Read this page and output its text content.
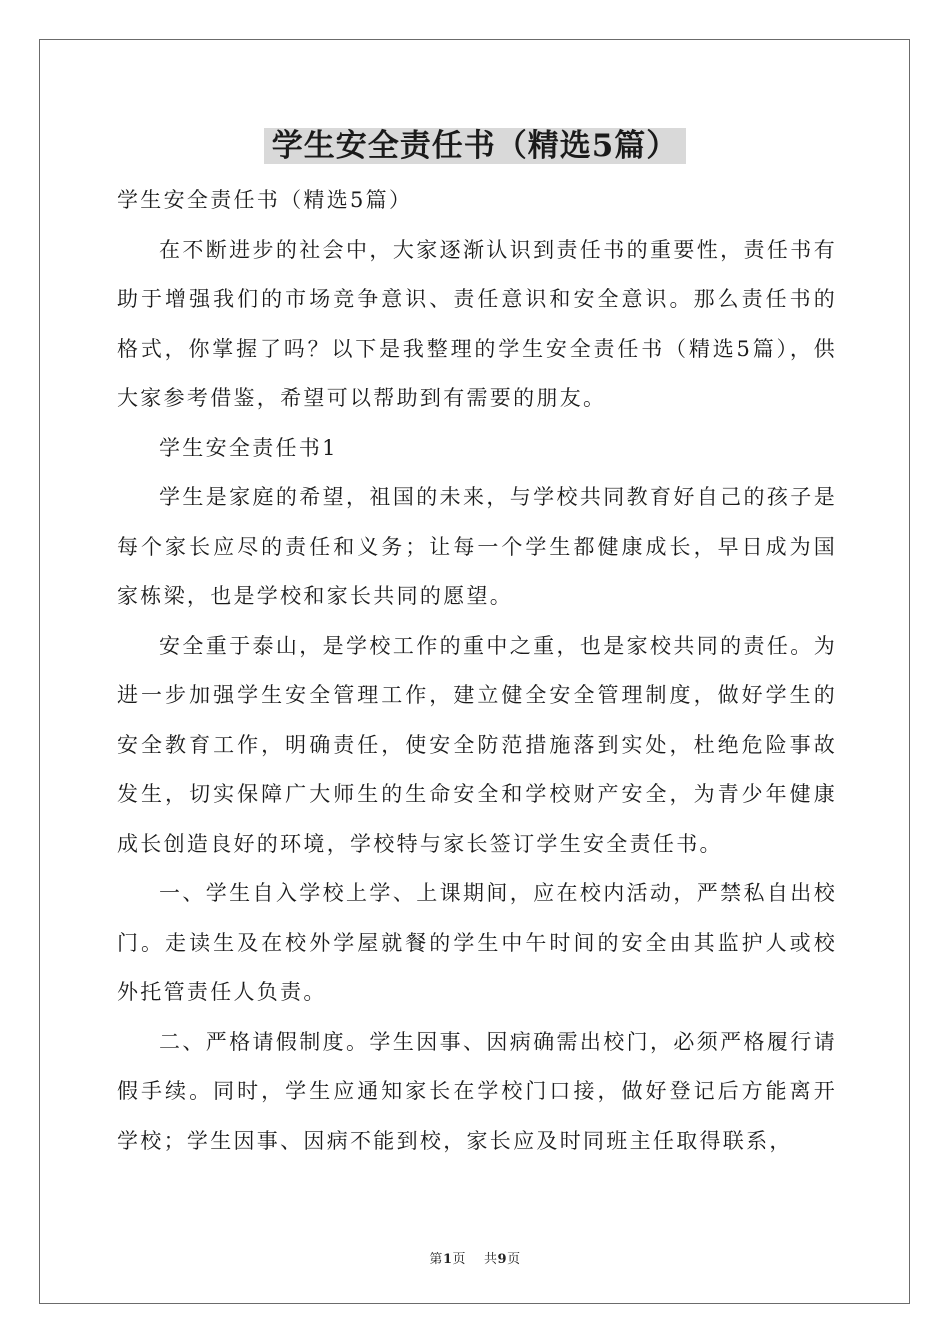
学生安全责任书（精选5篇）

学生安全责任书（精选5篇）

在不断进步的社会中，大家逐渐认识到责任书的重要性，责任书有助于增强我们的市场竞争意识、责任意识和安全意识。那么责任书的格式，你掌握了吗？以下是我整理的学生安全责任书（精选5篇），供大家参考借鉴，希望可以帮助到有需要的朋友。

学生安全责任书1

学生是家庭的希望，祖国的未来，与学校共同教育好自己的孩子是每个家长应尽的责任和义务；让每一个学生都健康成长，早日成为国家栋梁，也是学校和家长共同的愿望。

安全重于泰山，是学校工作的重中之重，也是家校共同的责任。为进一步加强学生安全管理工作，建立健全安全管理制度，做好学生的安全教育工作，明确责任，使安全防范措施落到实处，杜绝危险事故发生，切实保障广大师生的生命安全和学校财产安全，为青少年健康成长创造良好的环境，学校特与家长签订学生安全责任书。

一、学生自入学校上学、上课期间，应在校内活动，严禁私自出校门。走读生及在校外学屋就餐的学生中午时间的安全由其监护人或校外托管责任人负责。

二、严格请假制度。学生因事、因病确需出校门，必须严格履行请假手续。同时，学生应通知家长在学校门口接，做好登记后方能离开学校；学生因事、因病不能到校，家长应及时同班主任取得联系，

第1页 共9页
